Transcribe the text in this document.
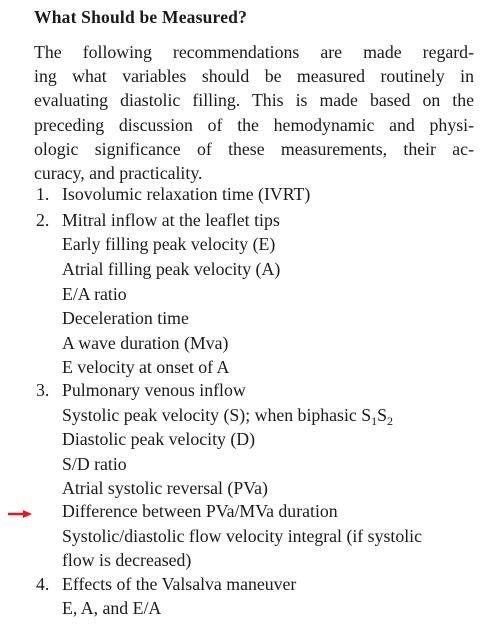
What Should be Measured?

The following recommendations are made regard-
ing what variables should be measured routinely in
evaluating diastolic filling. This is made based on the
preceding discussion of the hemodynamic and physi-
ologic significance of these measurements, their ac-
curacy, and practicality.

1. Isovolumic relaxation time (IVRT)
2. Mitral inflow at the leaflet tips
Early filling peak velocity (E)
Atrial filling peak velocity (A)
E/A ratio
Deceleration time
A wave duration (Mva)
E velocity at onset of A
3. Pulmonary venous inflow
Systolic peak velocity (S); when biphasic $S_1S_2$
Diastolic peak velocity (D)
S/D ratio
Atrial systolic reversal (PVa)
Difference between PVa/MVa duration
Systolic/diastolic flow velocity integral (if systolic
flow is decreased)
4. Effects of the Valsalva maneuver
E, A, and E/A
